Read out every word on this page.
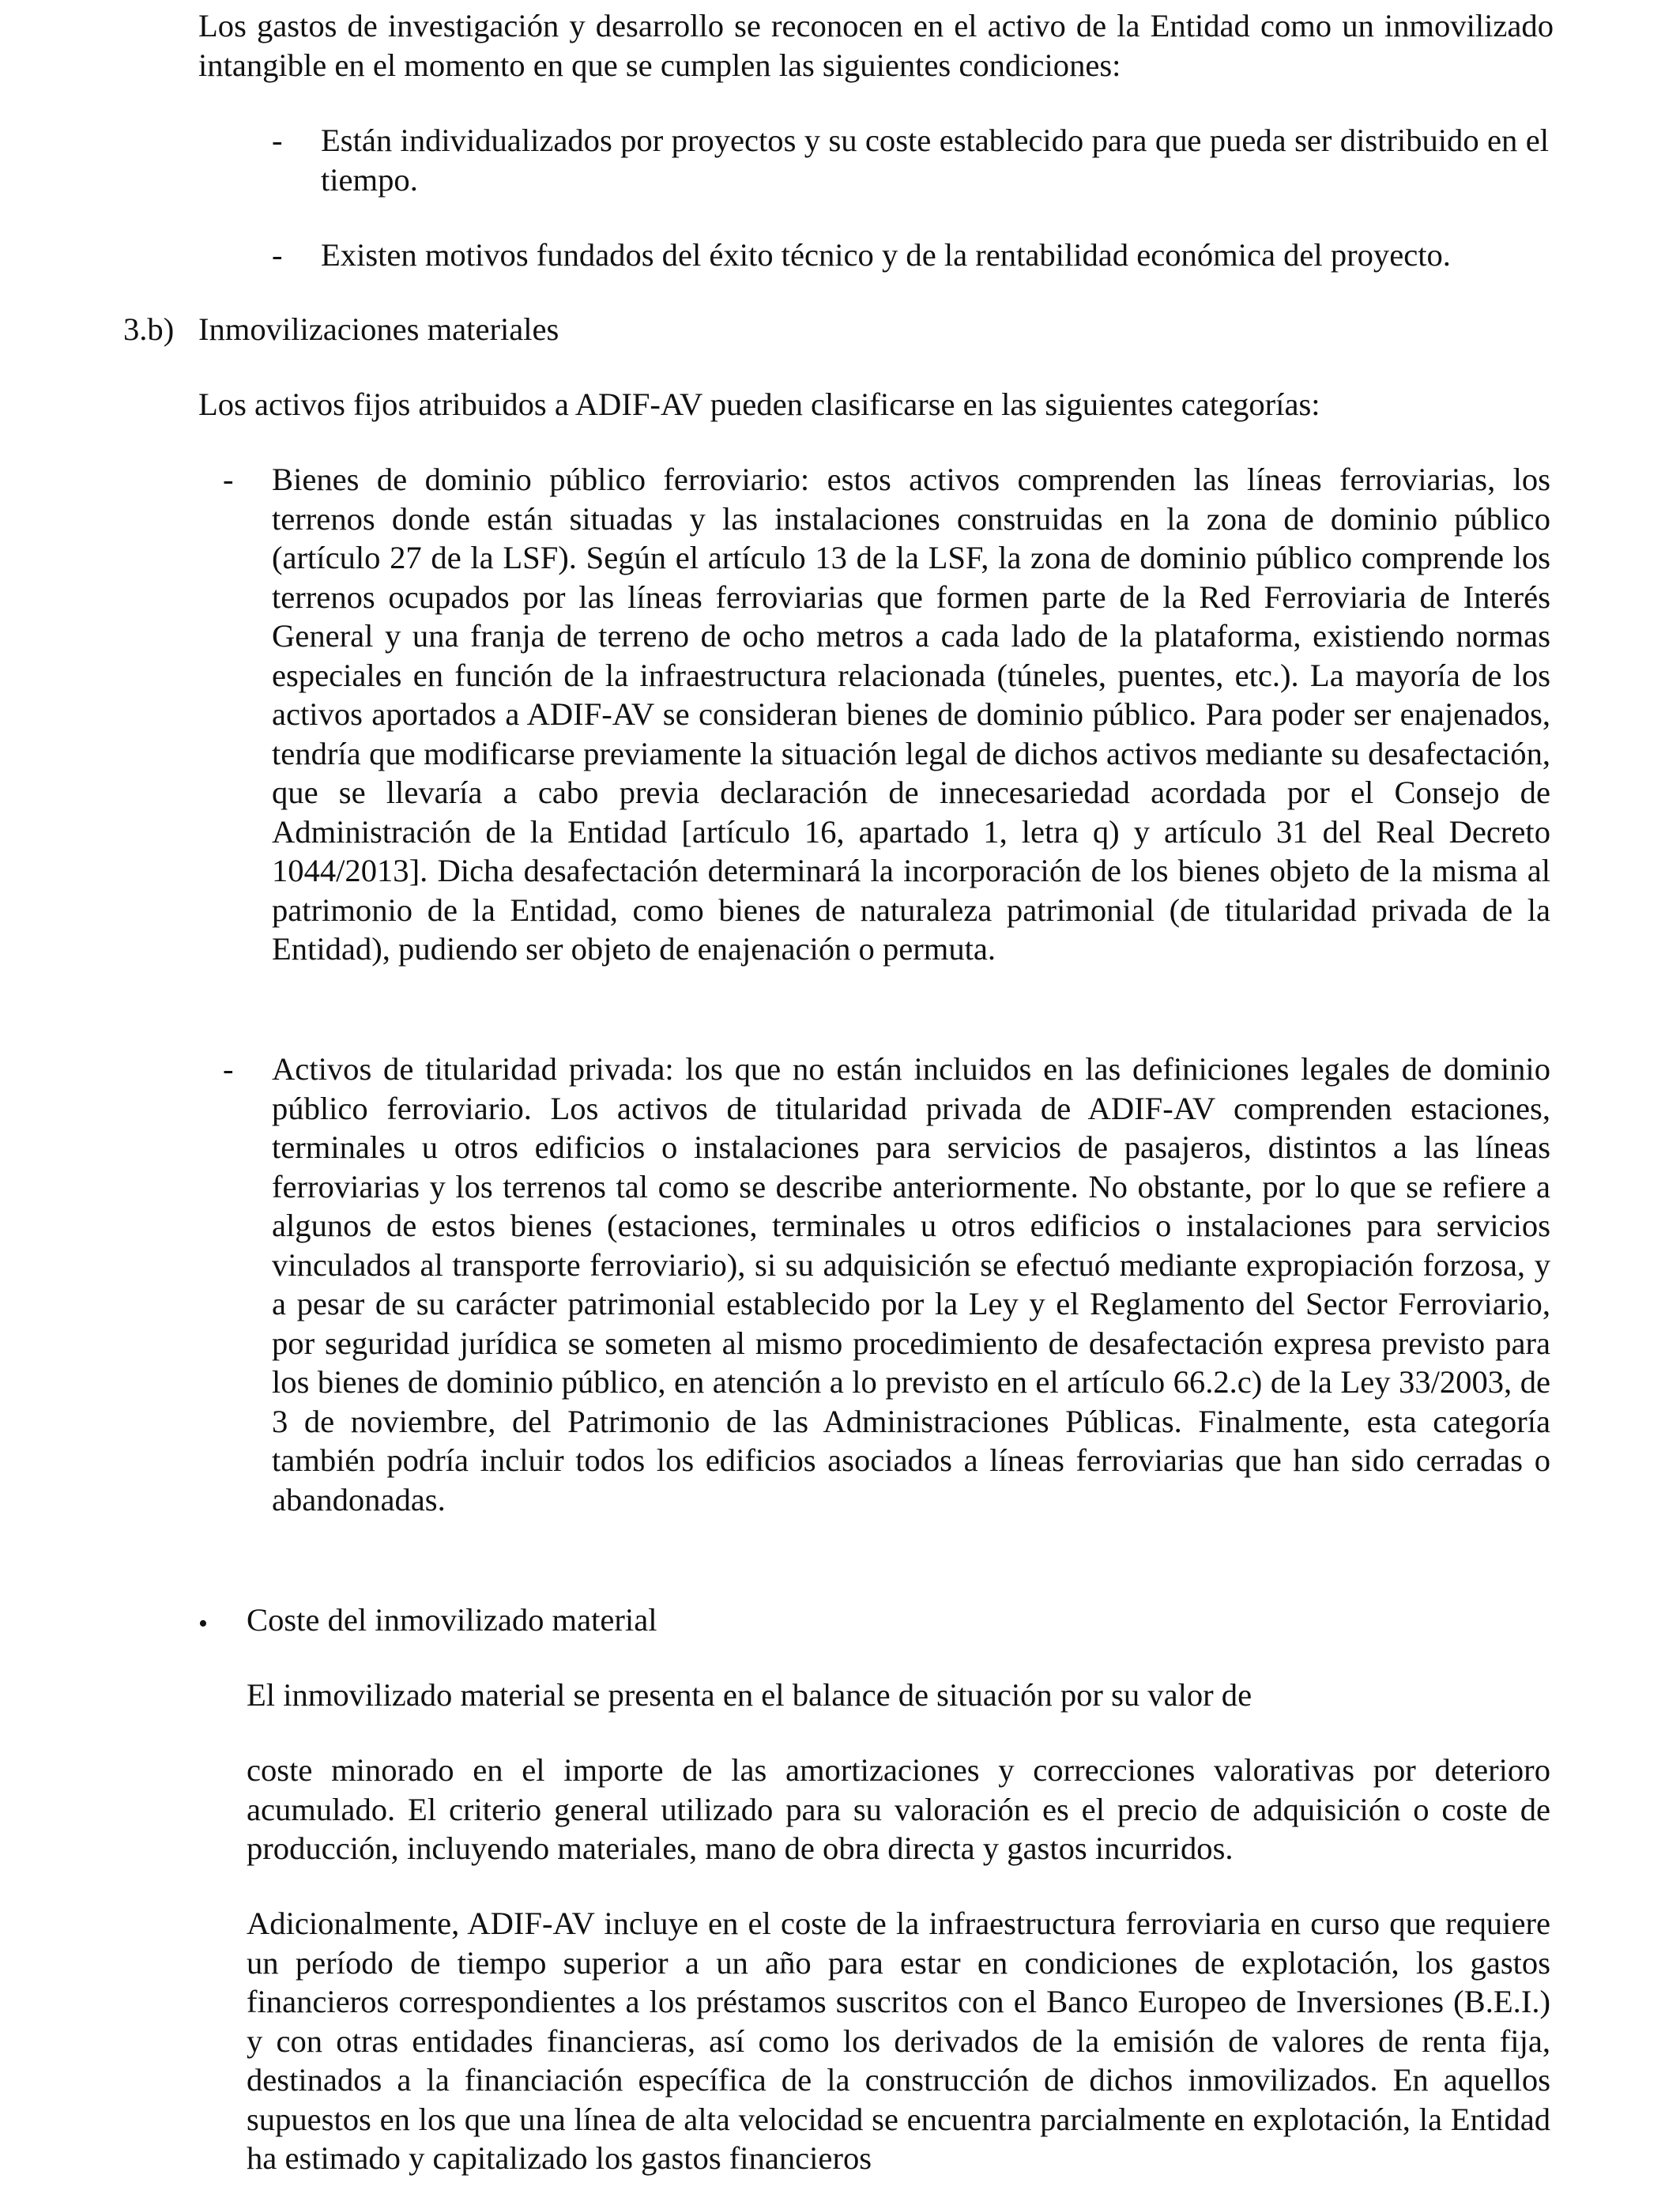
Los gastos de investigación y desarrollo se reconocen en el activo de la Entidad como un inmovilizado intangible en el momento en que se cumplen las siguientes condiciones:

- Están individualizados por proyectos y su coste establecido para que pueda ser distribuido en el tiempo.

- Existen motivos fundados del éxito técnico y de la rentabilidad económica del proyecto.

3.b) Inmovilizaciones materiales

Los activos fijos atribuidos a ADIF-AV pueden clasificarse en las siguientes categorías:

- Bienes de dominio público ferroviario: estos activos comprenden las líneas ferroviarias, los terrenos donde están situadas y las instalaciones construidas en la zona de dominio público (artículo 27 de la LSF). Según el artículo 13 de la LSF, la zona de dominio público comprende los terrenos ocupados por las líneas ferroviarias que formen parte de la Red Ferroviaria de Interés General y una franja de terreno de ocho metros a cada lado de la plataforma, existiendo normas especiales en función de la infraestructura relacionada (túneles, puentes, etc.). La mayoría de los activos aportados a ADIF-AV se consideran bienes de dominio público. Para poder ser enajenados, tendría que modificarse previamente la situación legal de dichos activos mediante su desafectación, que se llevaría a cabo previa declaración de innecesariedad acordada por el Consejo de Administración de la Entidad [artículo 16, apartado 1, letra q) y artículo 31 del Real Decreto 1044/2013]. Dicha desafectación determinará la incorporación de los bienes objeto de la misma al patrimonio de la Entidad, como bienes de naturaleza patrimonial (de titularidad privada de la Entidad), pudiendo ser objeto de enajenación o permuta.

- Activos de titularidad privada: los que no están incluidos en las definiciones legales de dominio público ferroviario. Los activos de titularidad privada de ADIF-AV comprenden estaciones, terminales u otros edificios o instalaciones para servicios de pasajeros, distintos a las líneas ferroviarias y los terrenos tal como se describe anteriormente. No obstante, por lo que se refiere a algunos de estos bienes (estaciones, terminales u otros edificios o instalaciones para servicios vinculados al transporte ferroviario), si su adquisición se efectuó mediante expropiación forzosa, y a pesar de su carácter patrimonial establecido por la Ley y el Reglamento del Sector Ferroviario, por seguridad jurídica se someten al mismo procedimiento de desafectación expresa previsto para los bienes de dominio público, en atención a lo previsto en el artículo 66.2.c) de la Ley 33/2003, de 3 de noviembre, del Patrimonio de las Administraciones Públicas. Finalmente, esta categoría también podría incluir todos los edificios asociados a líneas ferroviarias que han sido cerradas o abandonadas.

• Coste del inmovilizado material

El inmovilizado material se presenta en el balance de situación por su valor de

coste minorado en el importe de las amortizaciones y correcciones valorativas por deterioro acumulado. El criterio general utilizado para su valoración es el precio de adquisición o coste de producción, incluyendo materiales, mano de obra directa y gastos incurridos.

Adicionalmente, ADIF-AV incluye en el coste de la infraestructura ferroviaria en curso que requiere un período de tiempo superior a un año para estar en condiciones de explotación, los gastos financieros correspondientes a los préstamos suscritos con el Banco Europeo de Inversiones (B.E.I.) y con otras entidades financieras, así como los derivados de la emisión de valores de renta fija, destinados a la financiación específica de la construcción de dichos inmovilizados. En aquellos supuestos en los que una línea de alta velocidad se encuentra parcialmente en explotación, la Entidad ha estimado y capitalizado los gastos financieros
